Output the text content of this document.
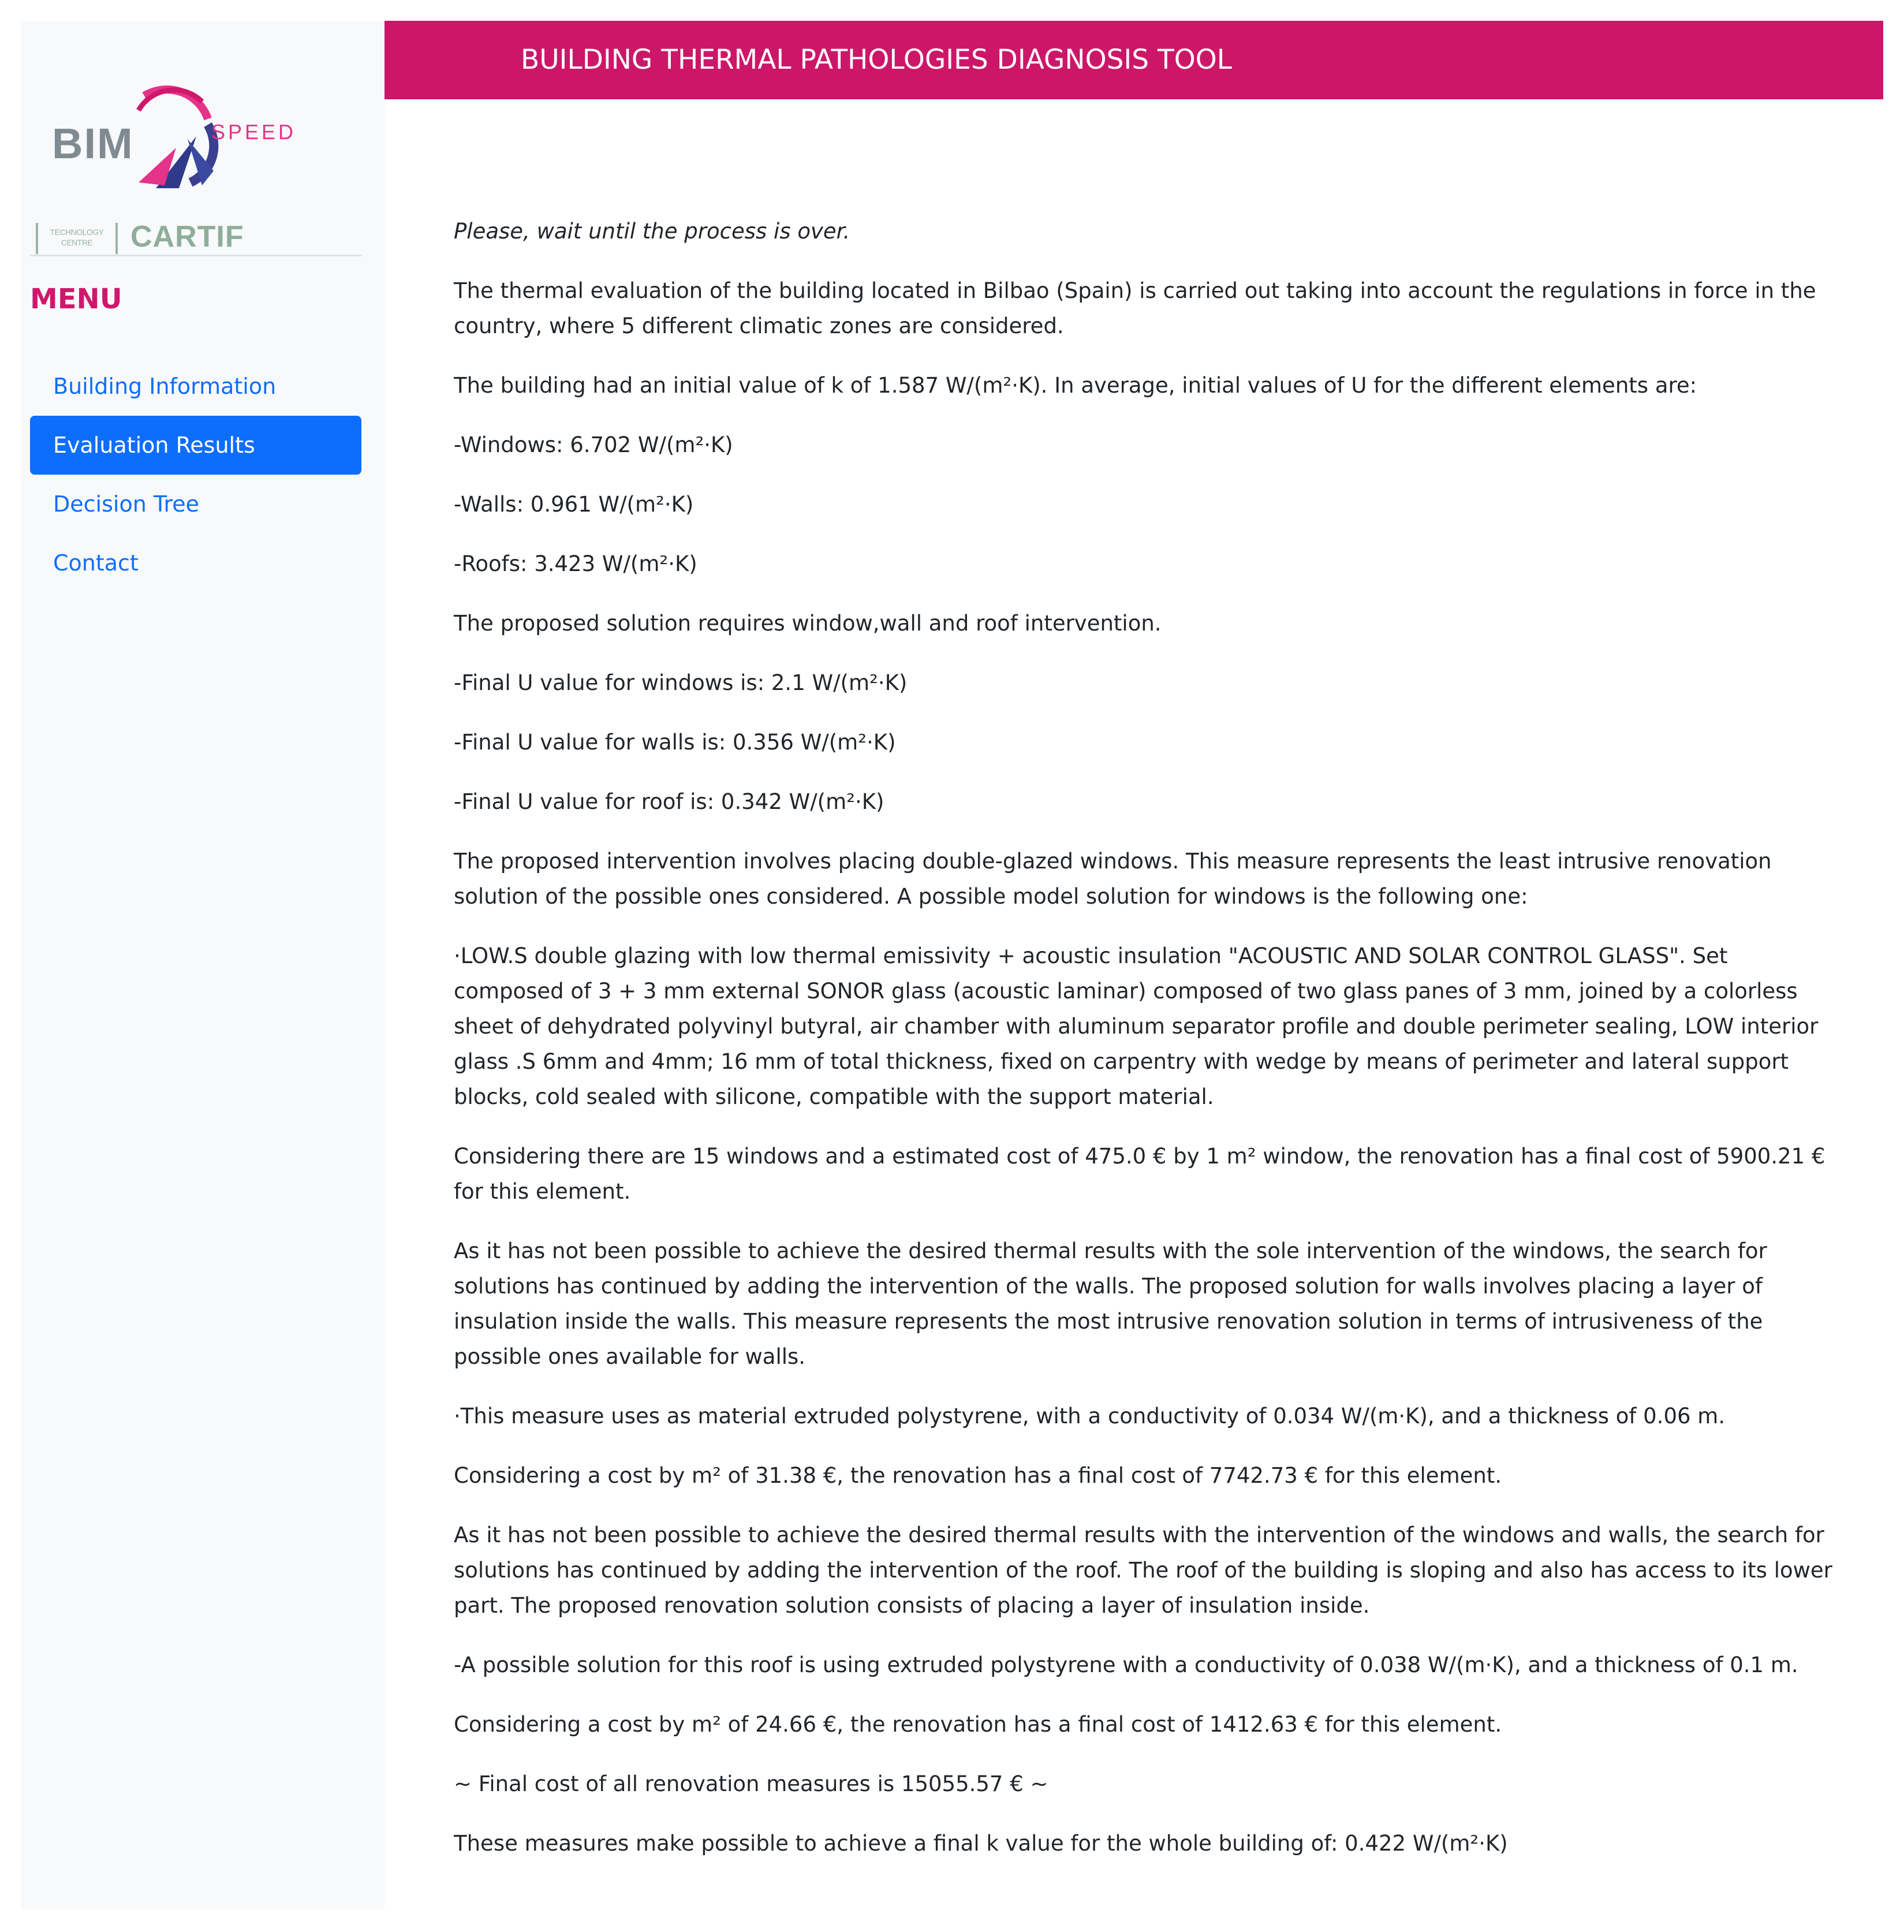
BIM	SPEED
TECHNOLOGY
CENTRE	CARTIF
MENU
Building Information
Evaluation Results
Decision Tree
Contact
BUILDING THERMAL PATHOLOGIES DIAGNOSIS TOOL

Please, wait until the process is over.

The thermal evaluation of the building located in Bilbao (Spain) is carried out taking into account the regulations in force in the country, where 5 different climatic zones are considered.

The building had an initial value of k of 1.587 W/(m²·K). In average, initial values of U for the different elements are:

-Windows: 6.702 W/(m²·K)

-Walls: 0.961 W/(m²·K)

-Roofs: 3.423 W/(m²·K)

The proposed solution requires window,wall and roof intervention.

-Final U value for windows is: 2.1 W/(m²·K)

-Final U value for walls is: 0.356 W/(m²·K)

-Final U value for roof is: 0.342 W/(m²·K)

The proposed intervention involves placing double-glazed windows. This measure represents the least intrusive renovation solution of the possible ones considered. A possible model solution for windows is the following one:

·LOW.S double glazing with low thermal emissivity + acoustic insulation "ACOUSTIC AND SOLAR CONTROL GLASS". Set composed of 3 + 3 mm external SONOR glass (acoustic laminar) composed of two glass panes of 3 mm, joined by a colorless sheet of dehydrated polyvinyl butyral, air chamber with aluminum separator profile and double perimeter sealing, LOW interior glass .S 6mm and 4mm; 16 mm of total thickness, fixed on carpentry with wedge by means of perimeter and lateral support blocks, cold sealed with silicone, compatible with the support material.

Considering there are 15 windows and a estimated cost of 475.0 € by 1 m² window, the renovation has a final cost of 5900.21 € for this element.

As it has not been possible to achieve the desired thermal results with the sole intervention of the windows, the search for solutions has continued by adding the intervention of the walls. The proposed solution for walls involves placing a layer of insulation inside the walls. This measure represents the most intrusive renovation solution in terms of intrusiveness of the possible ones available for walls.

·This measure uses as material extruded polystyrene, with a conductivity of 0.034 W/(m·K), and a thickness of 0.06 m.

Considering a cost by m² of 31.38 €, the renovation has a final cost of 7742.73 € for this element.

As it has not been possible to achieve the desired thermal results with the intervention of the windows and walls, the search for solutions has continued by adding the intervention of the roof. The roof of the building is sloping and also has access to its lower part. The proposed renovation solution consists of placing a layer of insulation inside.

-A possible solution for this roof is using extruded polystyrene with a conductivity of 0.038 W/(m·K), and a thickness of 0.1 m.

Considering a cost by m² of 24.66 €, the renovation has a final cost of 1412.63 € for this element.

~ Final cost of all renovation measures is 15055.57 € ~

These measures make possible to achieve a final k value for the whole building of: 0.422 W/(m²·K)
